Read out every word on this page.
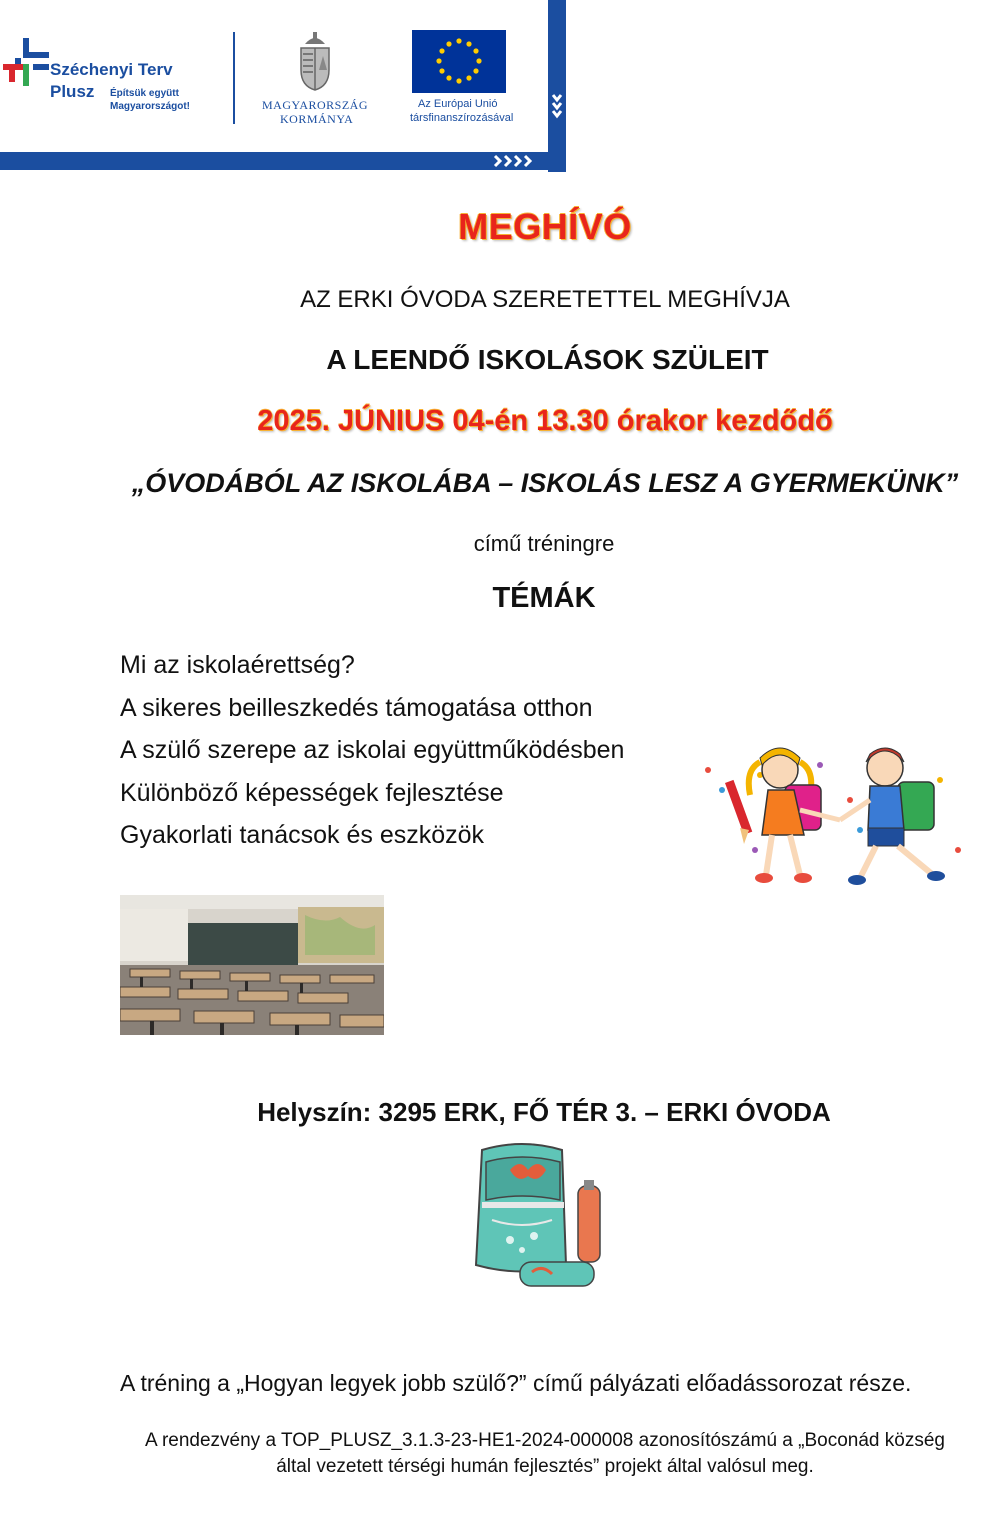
Széchenyi Terv
Plusz Építsük együtt
Magyarországot!	MAGYARORSZÁG
KORMÁNYA
Az Európai Unió
társfinanszírozásával
MEGHÍVÓ
AZ ERKI ÓVODA SZERETETTEL MEGHÍVJA
A LEENDŐ ISKOLÁSOK SZÜLEIT
2025. JÚNIUS 04-én 13.30 órakor kezdődő
„ÓVODÁBÓL AZ ISKOLÁBA – ISKOLÁS LESZ A GYERMEKÜNK”
című tréningre
TÉMÁK
Mi az iskolaérettség?
A sikeres beilleszkedés támogatása otthon
A szülő szerepe az iskolai együttműködésben
Különböző képességek fejlesztése
Gyakorlati tanácsok és eszközök
Helyszín: 3295 ERK, FŐ TÉR 3. – ERKI ÓVODA
A tréning a „Hogyan legyek jobb szülő?” című pályázati előadássorozat része.
A rendezvény a TOP_PLUSZ_3.1.3-23-HE1-2024-000008 azonosítószámú a „Boconád község
által vezetett térségi humán fejlesztés” projekt által valósul meg.
